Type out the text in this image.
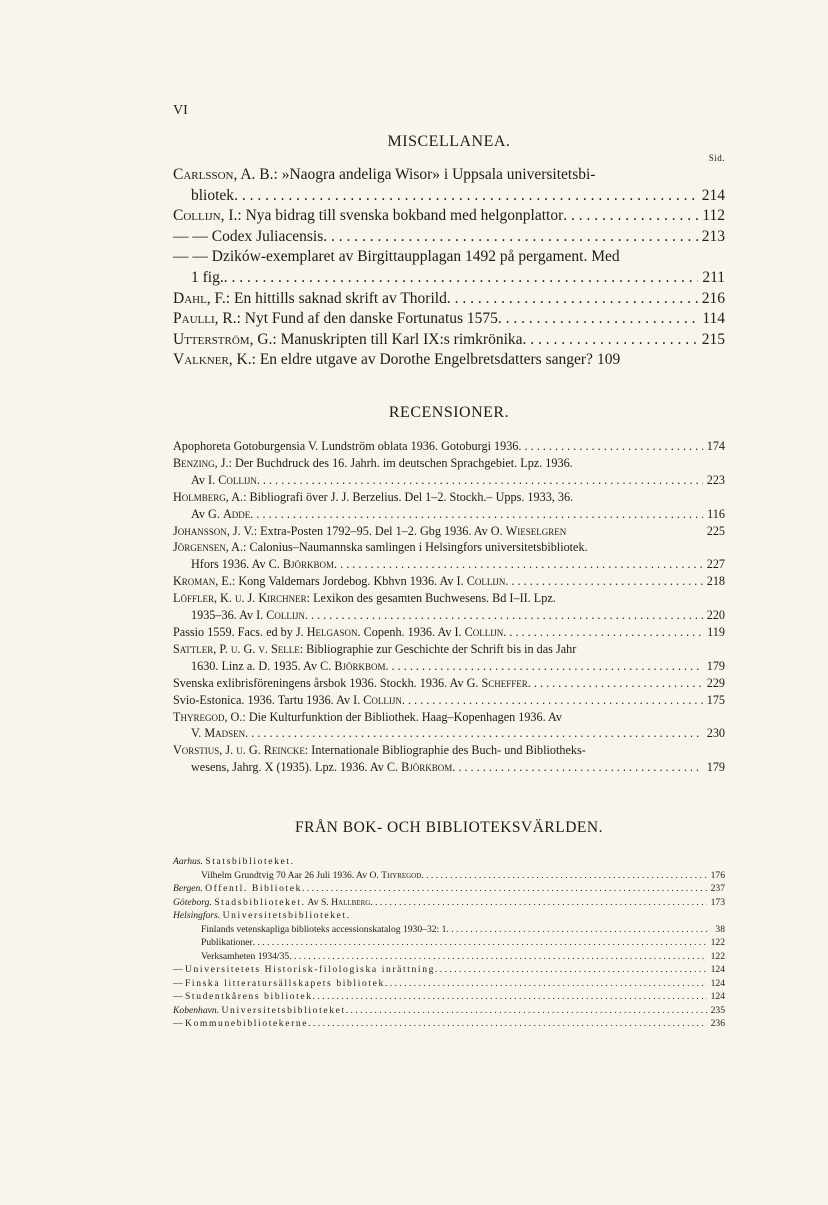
VI
MISCELLANEA.
Sid.
Carlsson, A. B.: »Naogra andeliga Wisor» i Uppsala universitetsbi-
bliotek . . .	214
Collijn, I.: Nya bidrag till svenska bokband med helgonplattor . . .	112
— — Codex Juliacensis . . .	213
— — Dzików-exemplaret av Birgittaupplagan 1492 på pergament. Med
1 fig. . . .	211
Dahl, F.: En hittills saknad skrift av Thorild . . .	216
Paulli, R.: Nyt Fund af den danske Fortunatus 1575 . . .	114
Utterström, G.: Manuskripten till Karl IX:s rimkrönika . . .	215
Valkner, K.: En eldre utgave av Dorothe Engelbretsdatters sanger? 109
RECENSIONER.
Apophoreta Gotoburgensia V. Lundström oblata 1936. Gotoburgi 1936 . . .	174
Benzing, J.: Der Buchdruck des 16. Jahrh. im deutschen Sprachgebiet. Lpz. 1936.
Av I. Collijn . . .	223
Holmberg, A.: Bibliografi över J. J. Berzelius. Del 1–2. Stockh.– Upps. 1933, 36.
Av G. Adde . . .	116
Johansson, J. V.: Extra-Posten 1792–95. Del 1–2. Gbg 1936. Av O. Wieselgren	225
Jörgensen, A.: Calonius–Naumannska samlingen i Helsingfors universitetsbibliotek.
Hfors 1936. Av C. Björkbom . . .	227
Kroman, E.: Kong Valdemars Jordebog. Kbhvn 1936. Av I. Collijn . . .	218
Löffler, K. u. J. Kirchner: Lexikon des gesamten Buchwesens. Bd I–II. Lpz.
1935–36. Av I. Collijn . . .	220
Passio 1559. Facs. ed by J. Helgason. Copenh. 1936. Av I. Collijn . . .	119
Sattler, P. u. G. v. Selle: Bibliographie zur Geschichte der Schrift bis in das Jahr
1630. Linz a. D. 1935. Av C. Björkbom . . .	179
Svenska exlibrisföreningens årsbok 1936. Stockh. 1936. Av G. Scheffer . . .	229
Svio-Estonica. 1936. Tartu 1936. Av I. Collijn . . .	175
Thyregod, O.: Die Kulturfunktion der Bibliothek. Haag–Kopenhagen 1936. Av
V. Madsen . . .	230
Vorstius, J. u. G. Reincke: Internationale Bibliographie des Buch- und Bibliotheks-
wesens, Jahrg. X (1935). Lpz. 1936. Av C. Björkbom . . .	179
FRÅN BOK- OCH BIBLIOTEKSVÄRLDEN.
Aarhus. Statsbiblioteket.
Vilhelm Grundtvig 70 Aar 26 Juli 1936. Av O. Thyregod . . .	176
Bergen. Offentl. Bibliotek . . .	237
Göteborg. Stadsbiblioteket. Av S. Hallberg . . .	173
Helsingfors. Universitetsbiblioteket.
Finlands vetenskapliga biblioteks accessionskatalog 1930–32: 1 . . .	38
Publikationer . . .	122
Verksamheten 1934/35 . . .	122
— Universitetets Historisk-filologiska inrättning . . .	124
— Finska litteratursällskapets bibliotek . . .	124
— Studentkårens bibliotek . . .	124
Kobenhavn. Universitetsbiblioteket . . .	235
— Kommunebibliotekerne . . .	236
